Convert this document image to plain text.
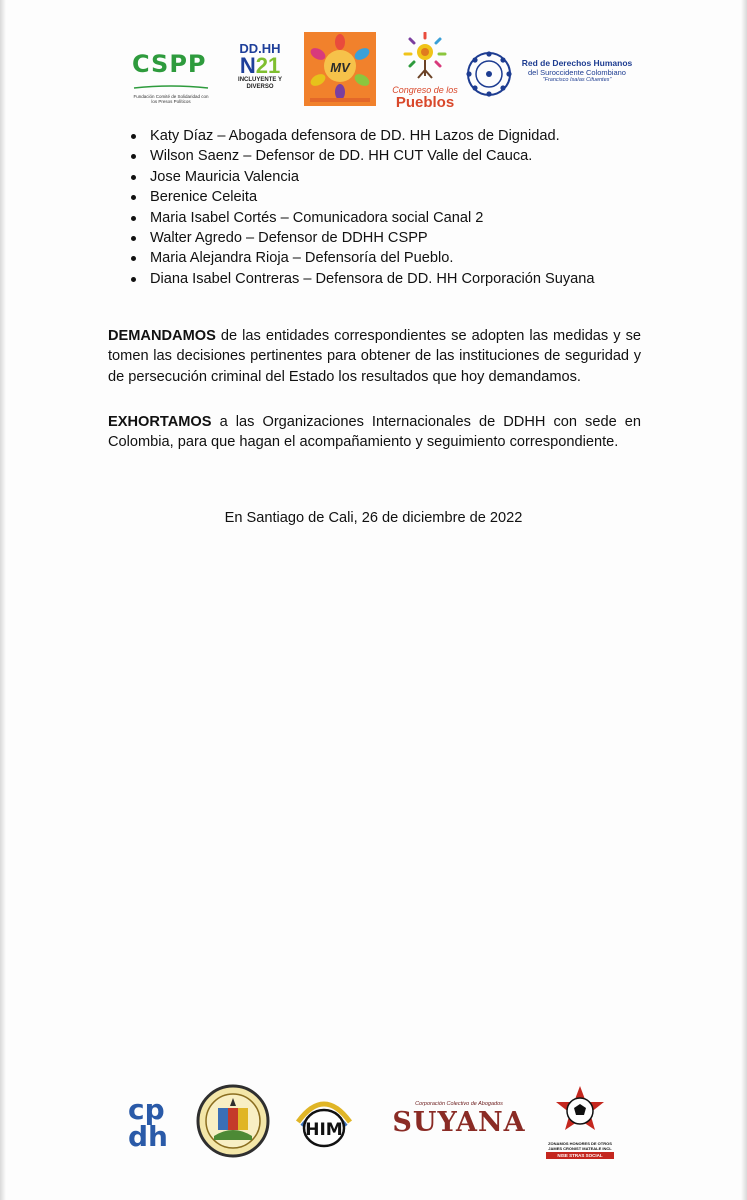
CSPP
Fundación Comité de Solidaridad con los Presos Políticos
DD.HH
N21
INCLUYENTE Y DIVERSO
MV
Congreso de los
Pueblos
Red de Derechos Humanos
del Suroccidente Colombiano
"Francisco Isaías Cifuentes"
Katy Díaz – Abogada defensora de DD. HH Lazos de Dignidad.
Wilson Saenz – Defensor de DD. HH CUT Valle del Cauca.
Jose Mauricia Valencia
Berenice Celeita
Maria Isabel Cortés – Comunicadora social Canal 2
Walter Agredo – Defensor de DDHH CSPP
Maria Alejandra Rioja – Defensoría del Pueblo.
Diana Isabel Contreras – Defensora de DD. HH Corporación Suyana

DEMANDAMOS de las entidades correspondientes se adopten las medidas y se tomen las decisiones pertinentes para obtener de las instituciones de seguridad y de persecución criminal del Estado los resultados que hoy demandamos.

EXHORTAMOS a las Organizaciones Internacionales de DDHH con sede en Colombia, para que hagan el acompañamiento y seguimiento correspondiente.

En Santiago de Cali, 26 de diciembre de 2022
cp
dh	HIM
Corporación Colectivo de Abogados
SUYANA
ZONAMOS HONORES DE OTROS JAMES CRONIST MATEALE INCL
NISE STRAS SOCIAL
